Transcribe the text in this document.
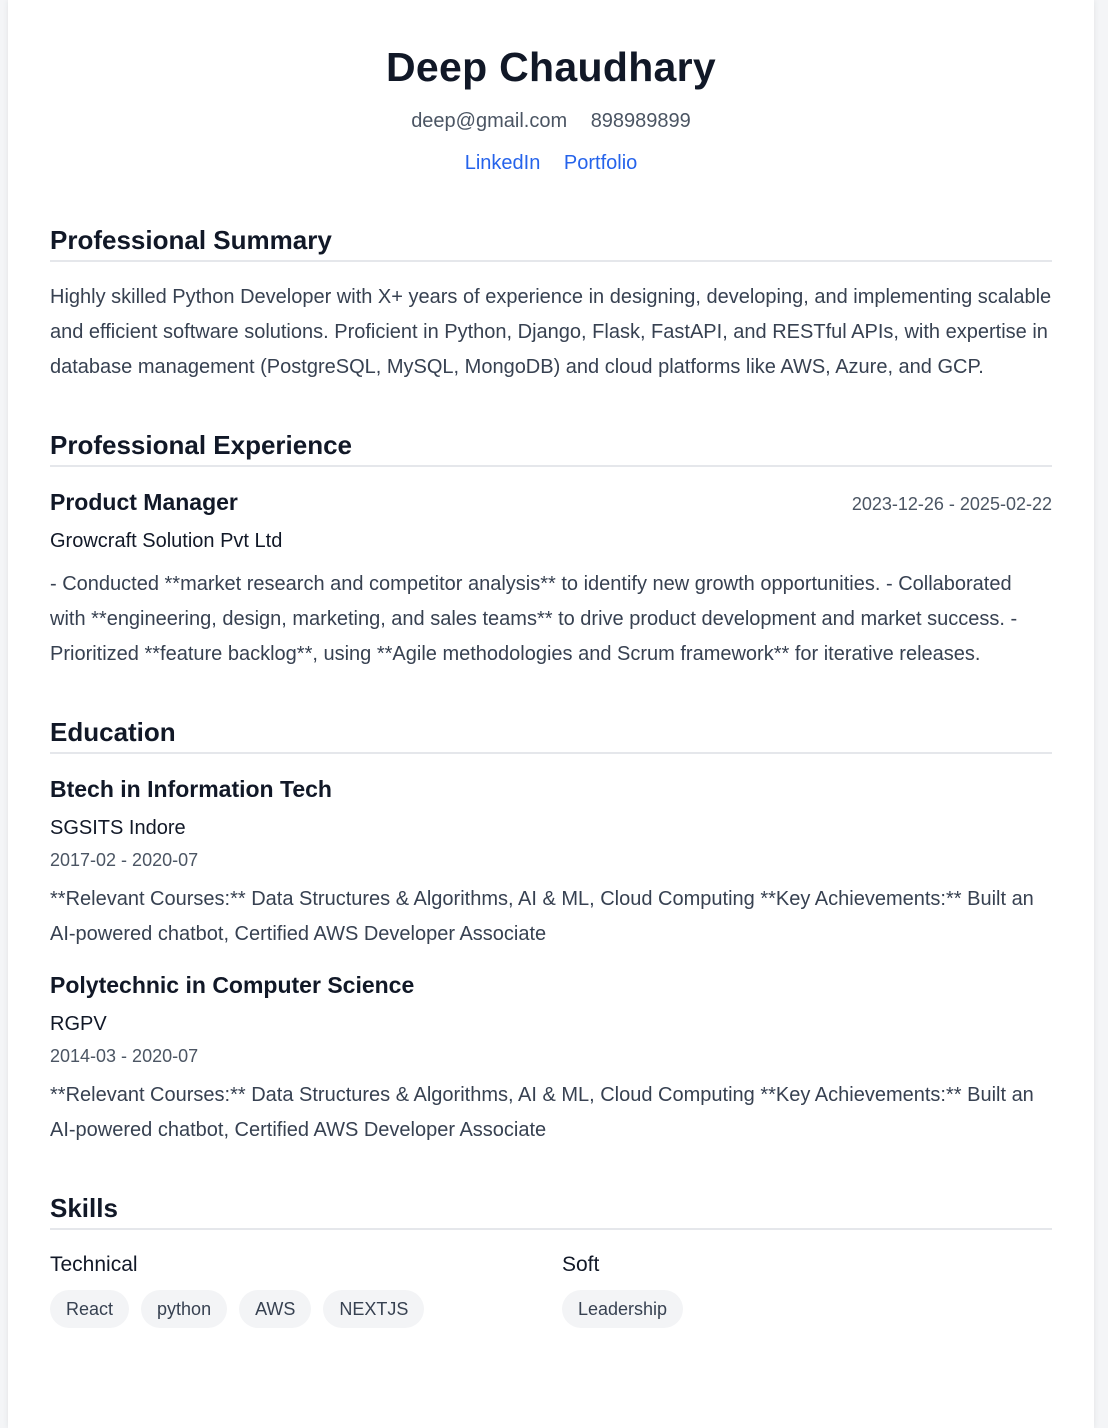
Deep Chaudhary
deep@gmail.com 898989899
LinkedIn Portfolio
Professional Summary
Highly skilled Python Developer with X+ years of experience in designing, developing, and implementing scalable and efficient software solutions. Proficient in Python, Django, Flask, FastAPI, and RESTful APIs, with expertise in database management (PostgreSQL, MySQL, MongoDB) and cloud platforms like AWS, Azure, and GCP.
Professional Experience
Product Manager	2023-12-26 - 2025-02-22
Growcraft Solution Pvt Ltd
- Conducted **market research and competitor analysis** to identify new growth opportunities. - Collaborated with **engineering, design, marketing, and sales teams** to drive product development and market success. - Prioritized **feature backlog**, using **Agile methodologies and Scrum framework** for iterative releases.
Education
Btech in Information Tech
SGSITS Indore
2017-02 - 2020-07
**Relevant Courses:** Data Structures & Algorithms, AI & ML, Cloud Computing **Key Achievements:** Built an AI-powered chatbot, Certified AWS Developer Associate
Polytechnic in Computer Science
RGPV
2014-03 - 2020-07
**Relevant Courses:** Data Structures & Algorithms, AI & ML, Cloud Computing **Key Achievements:** Built an AI-powered chatbot, Certified AWS Developer Associate
Skills
Technical
React	python	AWS	NEXTJS
Soft
Leadership
